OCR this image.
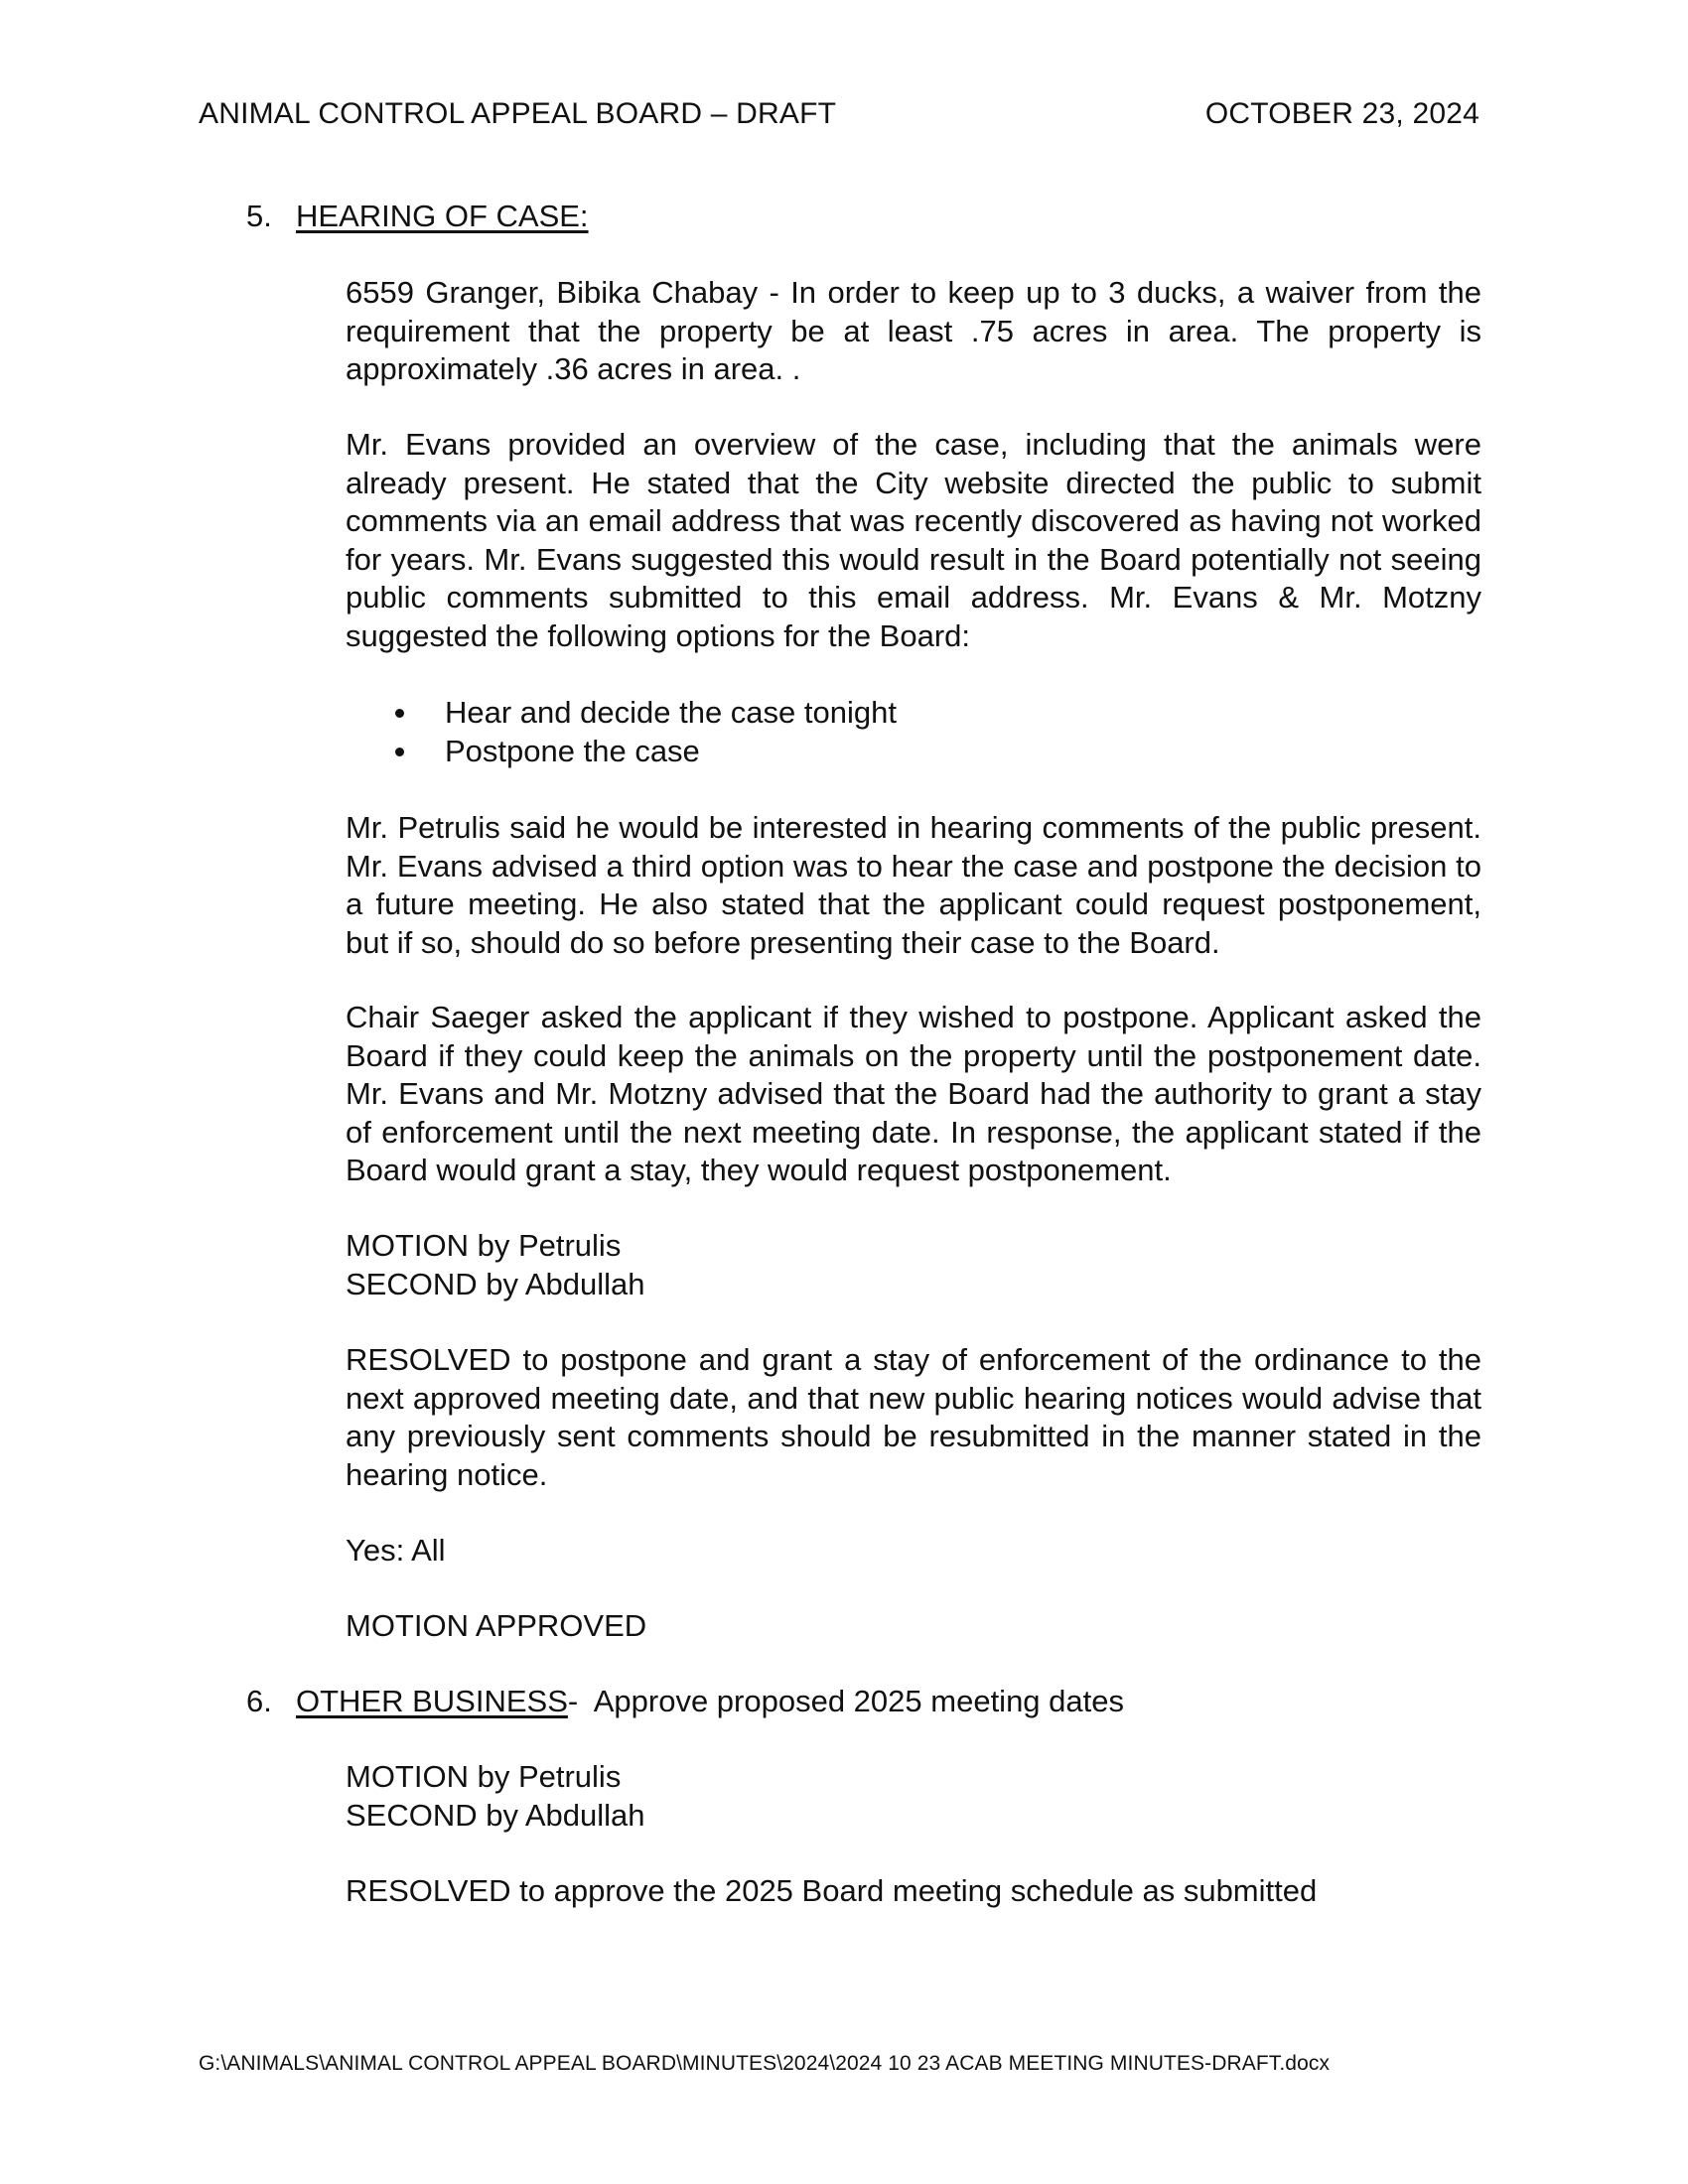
ANIMAL CONTROL APPEAL BOARD – DRAFT	OCTOBER 23, 2024
5. HEARING OF CASE:
6559 Granger, Bibika Chabay - In order to keep up to 3 ducks, a waiver from the requirement that the property be at least .75 acres in area. The property is approximately .36 acres in area. .
Mr. Evans provided an overview of the case, including that the animals were already present. He stated that the City website directed the public to submit comments via an email address that was recently discovered as having not worked for years. Mr. Evans suggested this would result in the Board potentially not seeing public comments submitted to this email address. Mr. Evans & Mr. Motzny suggested the following options for the Board:
Hear and decide the case tonight
Postpone the case
Mr. Petrulis said he would be interested in hearing comments of the public present. Mr. Evans advised a third option was to hear the case and postpone the decision to a future meeting. He also stated that the applicant could request postponement, but if so, should do so before presenting their case to the Board.
Chair Saeger asked the applicant if they wished to postpone. Applicant asked the Board if they could keep the animals on the property until the postponement date. Mr. Evans and Mr. Motzny advised that the Board had the authority to grant a stay of enforcement until the next meeting date. In response, the applicant stated if the Board would grant a stay, they would request postponement.
MOTION by Petrulis
SECOND by Abdullah
RESOLVED to postpone and grant a stay of enforcement of the ordinance to the next approved meeting date, and that new public hearing notices would advise that any previously sent comments should be resubmitted in the manner stated in the hearing notice.
Yes: All
MOTION APPROVED
6. OTHER BUSINESS -  Approve proposed 2025 meeting dates
MOTION by Petrulis
SECOND by Abdullah
RESOLVED to approve the 2025 Board meeting schedule as submitted
G:\ANIMALS\ANIMAL CONTROL APPEAL BOARD\MINUTES\2024\2024 10 23 ACAB MEETING MINUTES-DRAFT.docx
